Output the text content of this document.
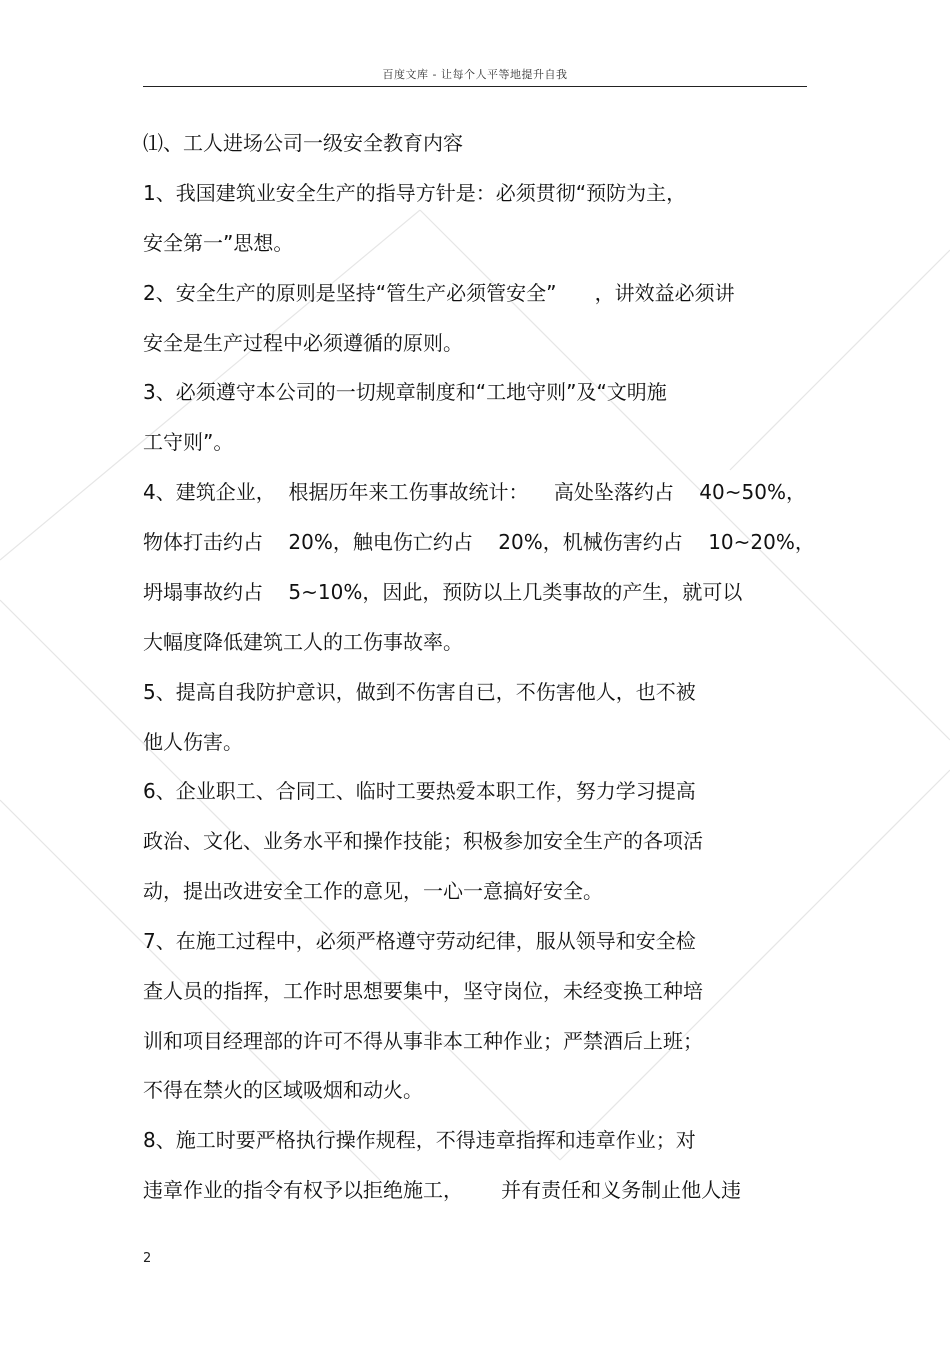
百度文库 - 让每个人平等地提升自我
⑴、工人进场公司一级安全教育内容
1、我国建筑业安全生产的指导方针是：必须贯彻“预防为主，
安全第一”思想。
2、安全生产的原则是坚持“管生产必须管安全”      ，讲效益必须讲
安全是生产过程中必须遵循的原则。
3、必须遵守本公司的一切规章制度和“工地守则”及“文明施
工守则”。
4、建筑企业，  根据历年来工伤事故统计：    高处坠落约占    40~50%，
物体打击约占    20%，触电伤亡约占    20%，机械伤害约占    10~20%，
坍塌事故约占    5~10%，因此，预防以上几类事故的产生，就可以
大幅度降低建筑工人的工伤事故率。
5、提高自我防护意识，做到不伤害自已，不伤害他人，也不被
他人伤害。
6、企业职工、合同工、临时工要热爱本职工作，努力学习提高
政治、文化、业务水平和操作技能；积极参加安全生产的各项活
动，提出改进安全工作的意见，一心一意搞好安全。
7、在施工过程中，必须严格遵守劳动纪律，服从领导和安全检
查人员的指挥，工作时思想要集中，坚守岗位，未经变换工种培
训和项目经理部的许可不得从事非本工种作业；严禁酒后上班；
不得在禁火的区域吸烟和动火。
8、施工时要严格执行操作规程，不得违章指挥和违章作业；对
违章作业的指令有权予以拒绝施工，      并有责任和义务制止他人违
2
